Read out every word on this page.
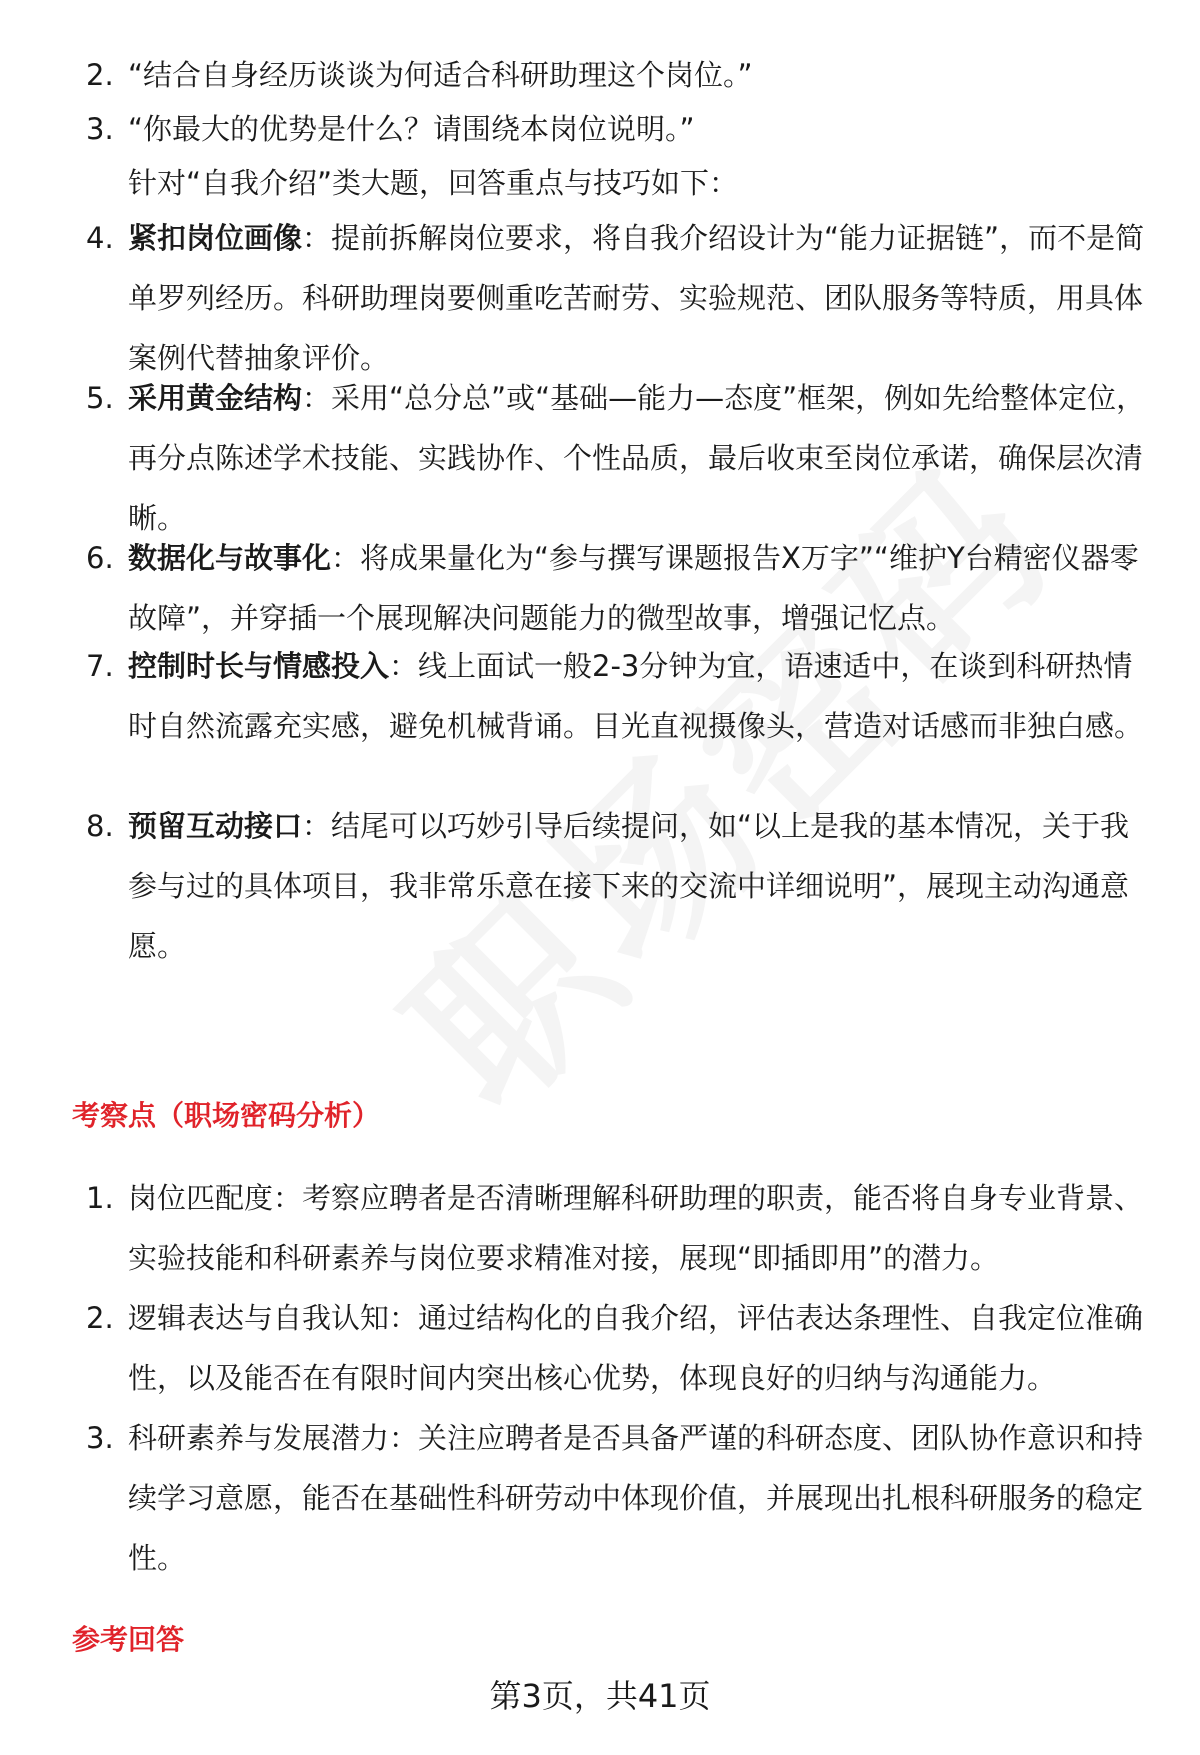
2. “结合自身经历谈谈为何适合科研助理这个岗位。”
3. “你最大的优势是什么？请围绕本岗位说明。”
针对“自我介绍”类大题，回答重点与技巧如下：
4. 紧扣岗位画像：提前拆解岗位要求，将自我介绍设计为“能力证据链”，而不是简单罗列经历。科研助理岗要侧重吃苦耐劳、实验规范、团队服务等特质，用具体案例代替抽象评价。
5. 采用黄金结构：采用“总分总”或“基础—能力—态度”框架，例如先给整体定位，再分点陈述学术技能、实践协作、个性品质，最后收束至岗位承诺，确保层次清晰。
6. 数据化与故事化：将成果量化为“参与撰写课题报告X万字”“维护Y台精密仪器零故障”，并穿插一个展现解决问题能力的微型故事，增强记忆点。
7. 控制时长与情感投入：线上面试一般2-3分钟为宜，语速适中，在谈到科研热情时自然流露充实感，避免机械背诵。目光直视摄像头，营造对话感而非独白感。
8. 预留互动接口：结尾可以巧妙引导后续提问，如“以上是我的基本情况，关于我参与过的具体项目，我非常乐意在接下来的交流中详细说明”，展现主动沟通意愿。
考察点（职场密码分析）
1. 岗位匹配度：考察应聘者是否清晰理解科研助理的职责，能否将自身专业背景、实验技能和科研素养与岗位要求精准对接，展现“即插即用”的潜力。
2. 逻辑表达与自我认知：通过结构化的自我介绍，评估表达条理性、自我定位准确性，以及能否在有限时间内突出核心优势，体现良好的归纳与沟通能力。
3. 科研素养与发展潜力：关注应聘者是否具备严谨的科研态度、团队协作意识和持续学习意愿，能否在基础性科研劳动中体现价值，并展现出扎根科研服务的稳定性。
参考回答
第3页，共41页
